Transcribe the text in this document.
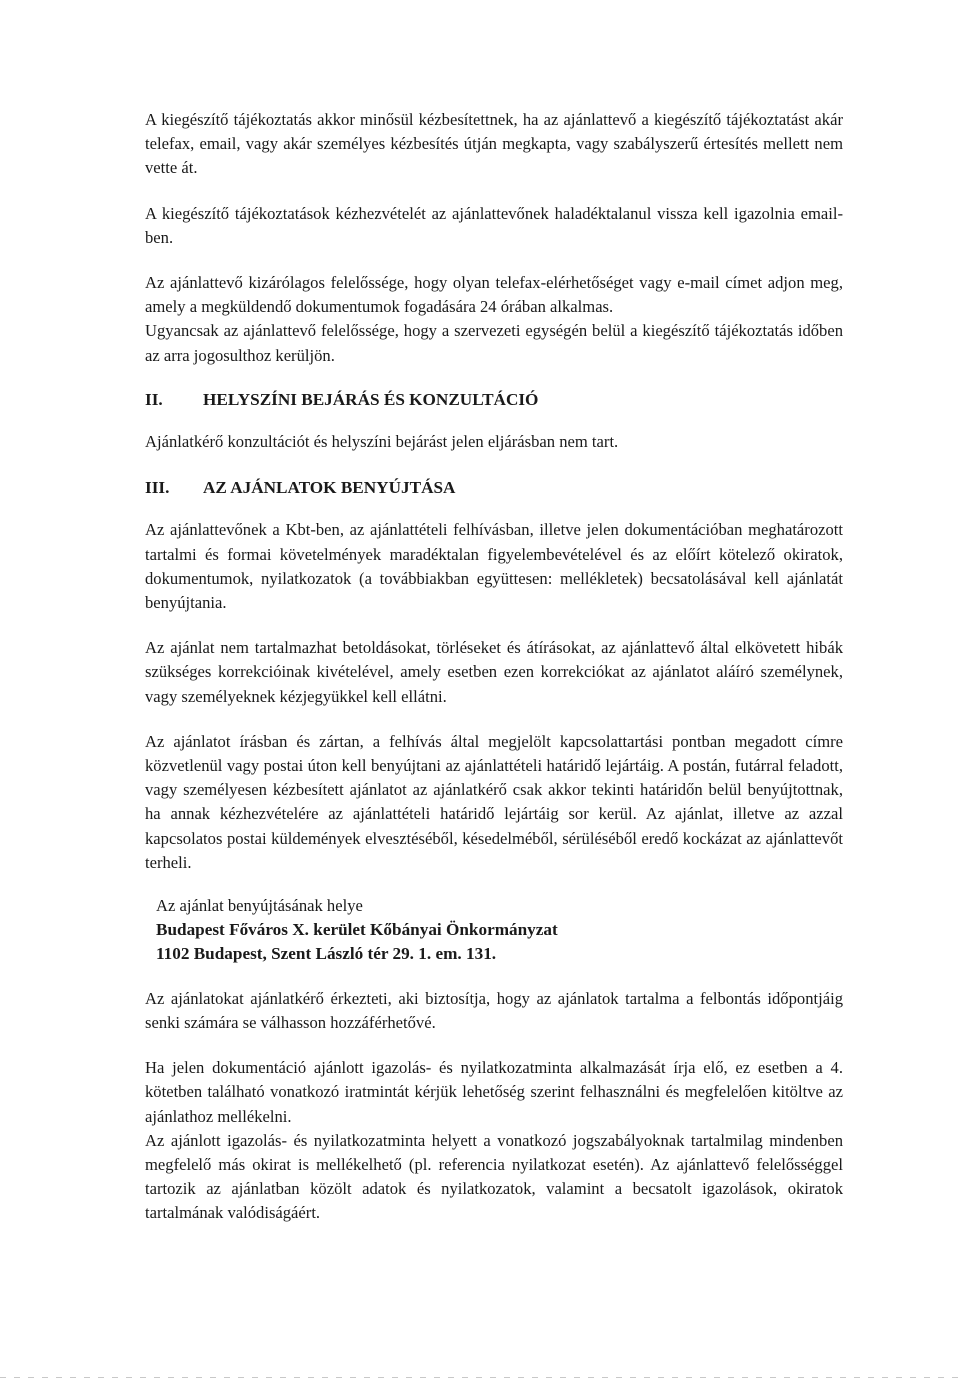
A kiegészítő tájékoztatás akkor minősül kézbesítettnek, ha az ajánlattevő a kiegészítő tájékoztatást akár telefax, email, vagy akár személyes kézbesítés útján megkapta, vagy szabályszerű értesítés mellett nem vette át.

A kiegészítő tájékoztatások kézhezvételét az ajánlattevőnek haladéktalanul vissza kell igazolnia email-ben.

Az ajánlattevő kizárólagos felelőssége, hogy olyan telefax-elérhetőséget vagy e-mail címet adjon meg, amely a megküldendő dokumentumok fogadására 24 órában alkalmas.

Ugyancsak az ajánlattevő felelőssége, hogy a szervezeti egységén belül a kiegészítő tájékoztatás időben az arra jogosulthoz kerüljön.

II.	HELYSZÍNI BEJÁRÁS ÉS KONZULTÁCIÓ

Ajánlatkérő konzultációt és helyszíni bejárást jelen eljárásban nem tart.

III.	AZ AJÁNLATOK BENYÚJTÁSA

Az ajánlattevőnek a Kbt-ben, az ajánlattételi felhívásban, illetve jelen dokumentációban meghatározott tartalmi és formai követelmények maradéktalan figyelembevételével és az előírt kötelező okiratok, dokumentumok, nyilatkozatok (a továbbiakban együttesen: mellékletek) becsatolásával kell ajánlatát benyújtania.

Az ajánlat nem tartalmazhat betoldásokat, törléseket és átírásokat, az ajánlattevő által elkövetett hibák szükséges korrekcióinak kivételével, amely esetben ezen korrekciókat az ajánlatot aláíró személynek, vagy személyeknek kézjegyükkel kell ellátni.

Az ajánlatot írásban és zártan, a felhívás által megjelölt kapcsolattartási pontban megadott címre közvetlenül vagy postai úton kell benyújtani az ajánlattételi határidő lejártáig. A postán, futárral feladott, vagy személyesen kézbesített ajánlatot az ajánlatkérő csak akkor tekinti határidőn belül benyújtottnak, ha annak kézhezvételére az ajánlattételi határidő lejártáig sor kerül. Az ajánlat, illetve az azzal kapcsolatos postai küldemények elvesztéséből, késedelméből, sérüléséből eredő kockázat az ajánlattevőt terheli.

Az ajánlat benyújtásának helye
Budapest Főváros X. kerület Kőbányai Önkormányzat
1102 Budapest, Szent László tér 29. 1. em. 131.

Az ajánlatokat ajánlatkérő érkezteti, aki biztosítja, hogy az ajánlatok tartalma a felbontás időpontjáig senki számára se válhasson hozzáférhetővé.

Ha jelen dokumentáció ajánlott igazolás- és nyilatkozatminta alkalmazását írja elő, ez esetben a 4. kötetben található vonatkozó iratmintát kérjük lehetőség szerint felhasználni és megfelelően kitöltve az ajánlathoz mellékelni.

Az ajánlott igazolás- és nyilatkozatminta helyett a vonatkozó jogszabályoknak tartalmilag mindenben megfelelő más okirat is mellékelhető (pl. referencia nyilatkozat esetén). Az ajánlattevő felelősséggel tartozik az ajánlatban közölt adatok és nyilatkozatok, valamint a becsatolt igazolások, okiratok tartalmának valódiságáért.
